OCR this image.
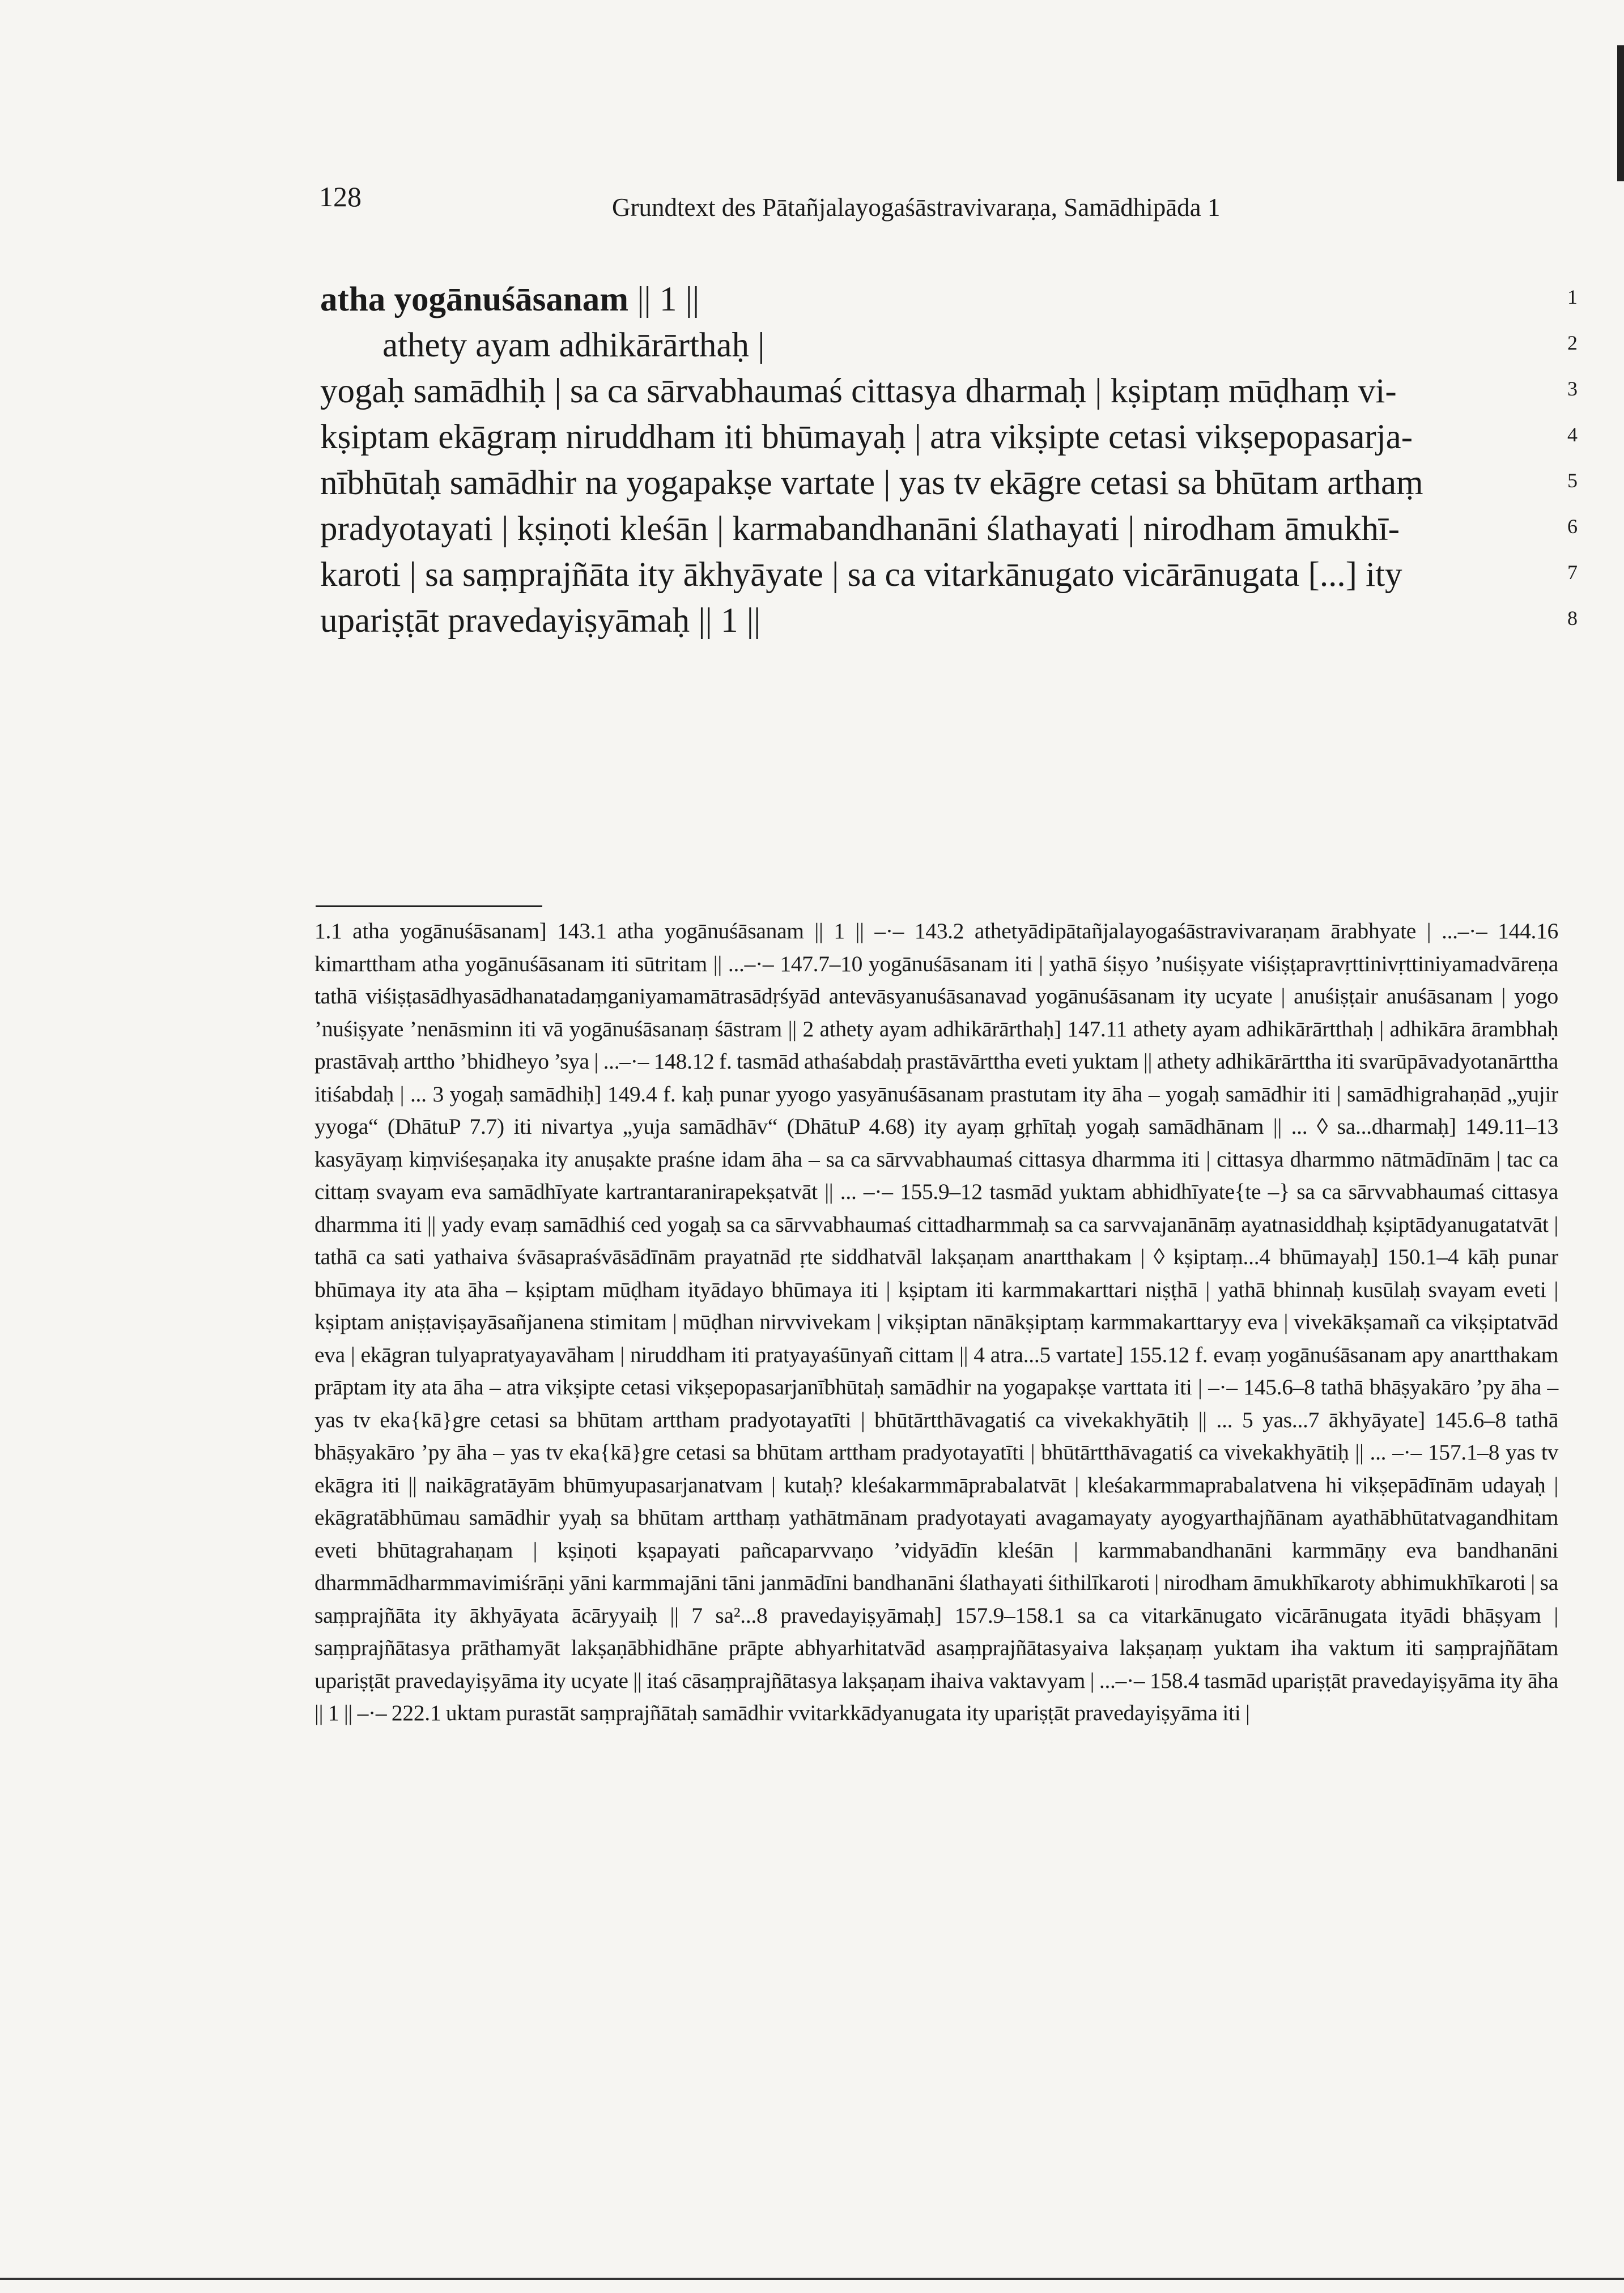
128	Grundtext des Pātañjalayogaśāstravivaraṇa, Samādhipāda 1
atha yogānuśāsanam || 1 ||
athety ayam adhikārārthaḥ |
yogaḥ samādhiḥ | sa ca sārvabhaumaś cittasya dharmaḥ | kṣiptaṃ mūḍhaṃ vi-
kṣiptam ekāgraṃ niruddham iti bhūmayaḥ | atra vikṣipte cetasi vikṣepopasarja-
nībhūtaḥ samādhir na yogapakṣe vartate | yas tv ekāgre cetasi sa bhūtam arthaṃ
pradyotayati | kṣiṇoti kleśān | karmabandhanāni ślathayati | nirodham āmukhī-
karoti | sa saṃprajñāta ity ākhyāyate | sa ca vitarkānugato vicārānugata [...] ity
upariṣṭāt pravedayiṣyāmaḥ || 1 ||
1
2
3
4
5
6
7
8
1.1 atha yogānuśāsanam] 143.1 atha yogānuśāsanam || 1 || –·– 143.2 athetyādipātañjalayogaśāstravivaraṇam ārabhyate | ...–·– 144.16 kimarttham atha yogānuśāsanam iti sūtritam || ...–·– 147.7–10 yogānuśāsanam iti | yathā śiṣyo ’nuśiṣyate viśiṣṭapravṛttinivṛttiniyamadvāreṇa tathā viśiṣṭasādhyasādhanatadaṃganiyamamātrasādṛśyād antevāsyanuśāsanavad yogānuśāsanam ity ucyate | anuśiṣṭair anuśāsanam | yogo ’nuśiṣyate ’nenāsminn iti vā yogānuśāsanaṃ śāstram || 2 athety ayam adhikārārthaḥ] 147.11 athety ayam adhikārārtthaḥ | adhikāra ārambhaḥ prastāvaḥ arttho ’bhidheyo ’sya | ...–·– 148.12 f. tasmād athaśabdaḥ prastāvārttha eveti yuktam || athety adhikārārttha iti svarūpāvadyotanārttha itiśabdaḥ | ... 3 yogaḥ samādhiḥ] 149.4 f. kaḥ punar yyogo yasyānuśāsanam prastutam ity āha – yogaḥ samādhir iti | samādhigrahaṇād „yujir yyoga“ (DhātuP 7.7) iti nivartya „yuja samādhāv“ (DhātuP 4.68) ity ayaṃ gṛhītaḥ yogaḥ samādhānam || ... ◊ sa...dharmaḥ] 149.11–13 kasyāyaṃ kiṃviśeṣaṇaka ity anuṣakte praśne idam āha – sa ca sārvvabhaumaś cittasya dharmma iti | cittasya dharmmo nātmādīnām | tac ca cittaṃ svayam eva samādhīyate kartrantaranirapekṣatvāt || ... –·– 155.9–12 tasmād yuktam abhidhīyate{te –} sa ca sārvvabhaumaś cittasya dharmma iti || yady evaṃ samādhiś ced yogaḥ sa ca sārvvabhaumaś cittadharmmaḥ sa ca sarvvajanānāṃ ayatnasiddhaḥ kṣiptādyanugatatvāt | tathā ca sati yathaiva śvāsapraśvāsādīnām prayatnād ṛte siddhatvāl lakṣaṇam anartthakam | ◊ kṣiptaṃ...4 bhūmayaḥ] 150.1–4 kāḥ punar bhūmaya ity ata āha – kṣiptam mūḍham ityādayo bhūmaya iti | kṣiptam iti karmmakarttari niṣṭhā | yathā bhinnaḥ kusūlaḥ svayam eveti | kṣiptam aniṣṭaviṣayāsañjanena stimitam | mūḍhan nirvvivekam | vikṣiptan nānākṣiptaṃ karmmakarttaryy eva | vivekākṣamañ ca vikṣiptatvād eva | ekāgran tulyapratyayavāham | niruddham iti pratyayaśūnyañ cittam || 4 atra...5 vartate] 155.12 f. evaṃ yogānuśāsanam apy anartthakam prāptam ity ata āha – atra vikṣipte cetasi vikṣepopasarjanībhūtaḥ samādhir na yogapakṣe varttata iti | –·– 145.6–8 tathā bhāṣyakāro ’py āha – yas tv eka{kā}gre cetasi sa bhūtam arttham pradyotayatīti | bhūtārtthāvagatiś ca vivekakhyātiḥ || ... 5 yas...7 ākhyāyate] 145.6–8 tathā bhāṣyakāro ’py āha – yas tv eka{kā}gre cetasi sa bhūtam arttham pradyotayatīti | bhūtārtthāvagatiś ca vivekakhyātiḥ || ... –·– 157.1–8 yas tv ekāgra iti || naikāgratāyām bhūmyupasarjanatvam | kutaḥ? kleśakarmmāprabalatvāt | kleśakarmmaprabalatvena hi vikṣepādīnām udayaḥ | ekāgratābhūmau samādhir yyaḥ sa bhūtam artthaṃ yathātmānam pradyotayati avagamayaty ayogyarthajñānam ayathābhūtatvagandhitam eveti bhūtagrahaṇam | kṣiṇoti kṣapayati pañcaparvvaṇo ’vidyādīn kleśān | karmmabandhanāni karmmāṇy eva bandhanāni dharmmādharmmavimiśrāṇi yāni karmmajāni tāni janmādīni bandhanāni ślathayati śithilīkaroti | nirodham āmukhīkaroty abhimukhīkaroti | sa saṃprajñāta ity ākhyāyata ācāryyaiḥ || 7 sa²...8 pravedayiṣyāmaḥ] 157.9–158.1 sa ca vitarkānugato vicārānugata ityādi bhāṣyam | saṃprajñātasya prāthamyāt lakṣaṇābhidhāne prāpte abhyarhitatvād asaṃprajñātasyaiva lakṣaṇaṃ yuktam iha vaktum iti saṃprajñātam upariṣṭāt pravedayiṣyāma ity ucyate || itaś cāsaṃprajñātasya lakṣaṇam ihaiva vaktavyam | ...–·– 158.4 tasmād upariṣṭāt pravedayiṣyāma ity āha || 1 || –·– 222.1 uktam purastāt saṃprajñātaḥ samādhir vvitarkkādyanugata ity upariṣṭāt pravedayiṣyāma iti |
